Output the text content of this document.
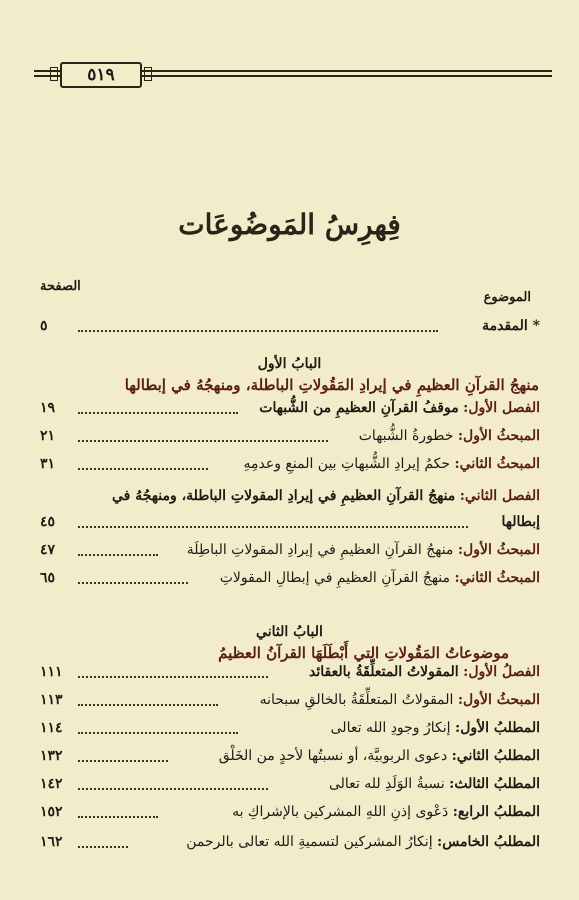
٥١٩
فِهرِسُ المَوضُوعَات
الصفحة
الموضوع
* المقدمة
٥
البابُ الأول
منهجُ القرآنِ العظيمِ في إيرادِ المَقُولاتِ الباطلة، ومنهجُهُ في إبطالها
الفصل الأول: موقفُ القرآنِ العظيمِ من الشُّبهات
١٩
المبحثُ الأول: خطورةُ الشُّبهات
٢١
المبحثُ الثاني: حكمُ إيرادِ الشُّبهاتِ بين المنعِ وعدمِهِ
٣١
الفصل الثاني: منهجُ القرآنِ العظيمِ في إيرادِ المقولاتِ الباطلة، ومنهجُهُ في
إبطالها
٤٥
المبحثُ الأول: منهجُ القرآنِ العظيمِ في إيرادِ المقولاتِ الباطِلَة
٤٧
المبحثُ الثاني: منهجُ القرآنِ العظيمِ في إبطالِ المقولاتِ
٦٥
البابُ الثاني
موضوعاتُ المَقُولاتِ التي أَبْطَلَهَا القرآنُ العظيمُ
الفصلُ الأول: المقولاتُ المتعلِّقَةُ بالعقائد
١١١
المبحثُ الأول: المقولاتُ المتعلِّقَةُ بالخالقِ سبحانه
١١٣
المطلبُ الأول: إنكارُ وجودِ الله تعالى
١١٤
المطلبُ الثاني: دعوى الربوبيَّة، أو نسبتُها لأحدٍ من الخَلْق
١٣٢
المطلبُ الثالث: نسبةُ الوَلَدِ لله تعالى
١٤٢
المطلبُ الرابع: دَعْوى إذنِ اللهِ المشركين بالإشراكِ به
١٥٢
المطلبُ الخامس: إنكارُ المشركين لتسميةِ الله تعالى بالرحمن
١٦٢
